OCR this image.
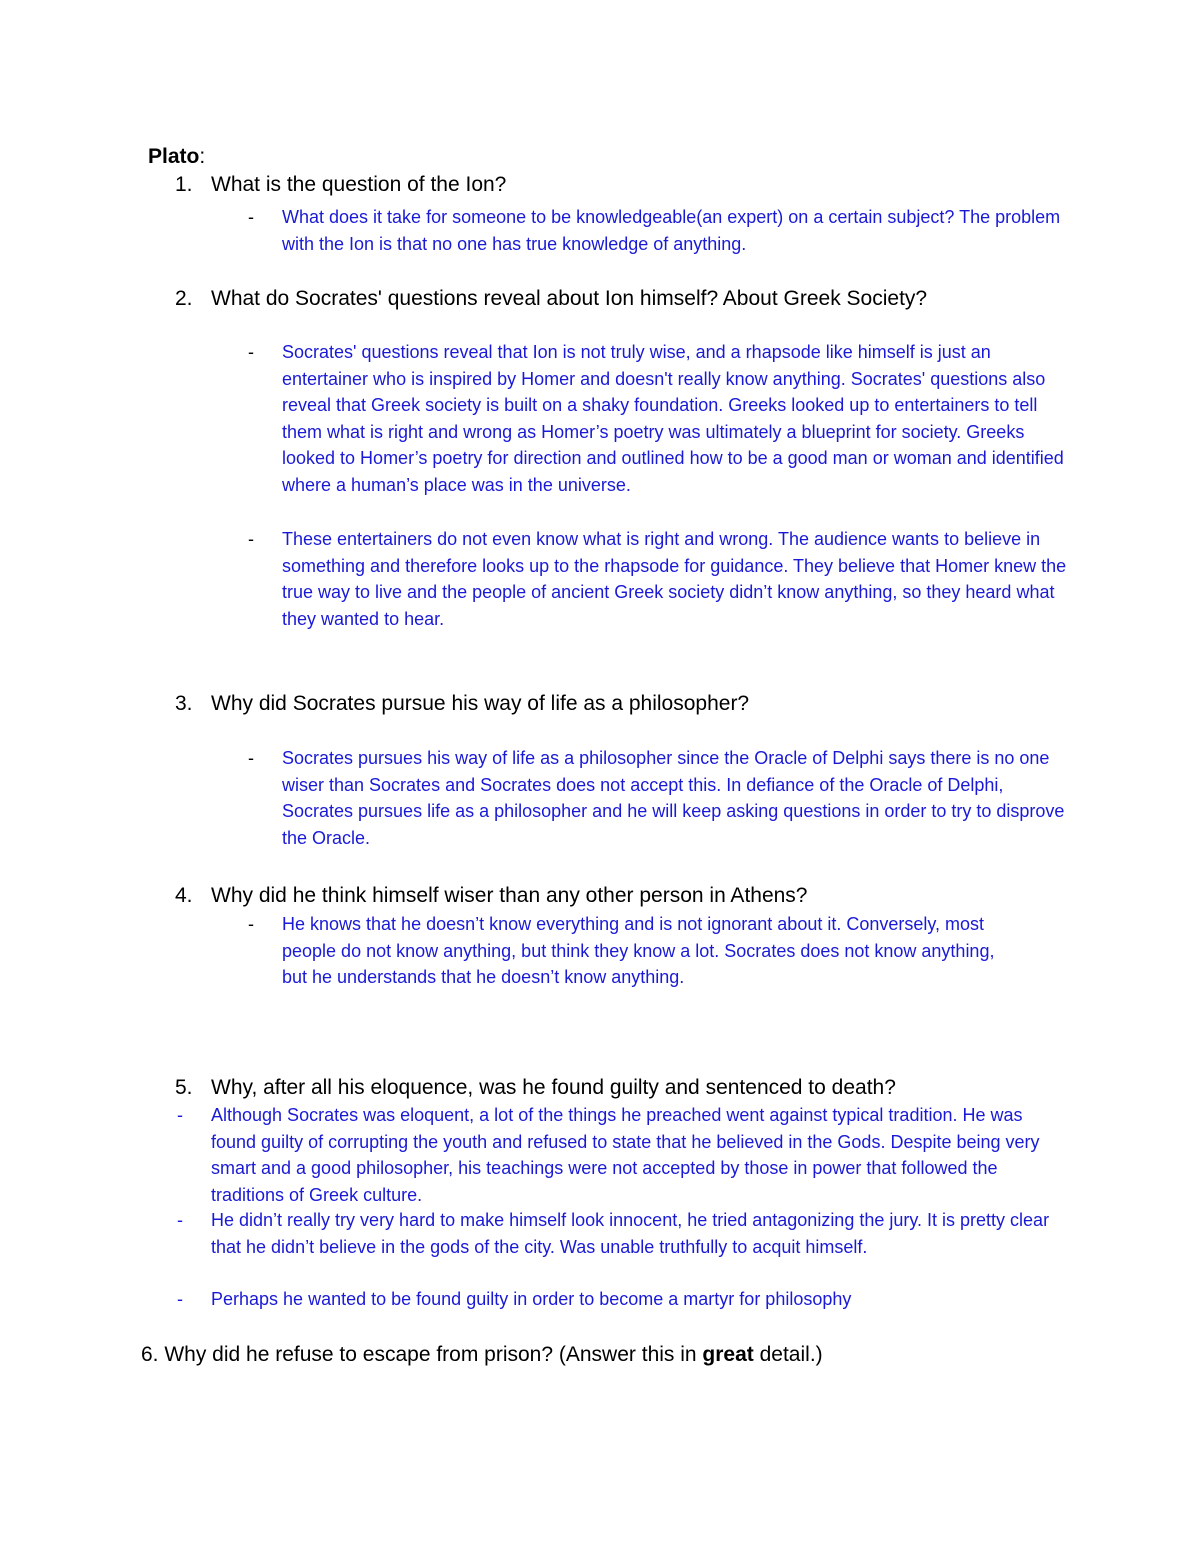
Plato:
1. What is the question of the Ion?
- What does it take for someone to be knowledgeable(an expert) on a certain subject? The problem with the Ion is that no one has true knowledge of anything.
2. What do Socrates' questions reveal about Ion himself? About Greek Society?
- Socrates' questions reveal that Ion is not truly wise, and a rhapsode like himself is just an entertainer who is inspired by Homer and doesn't really know anything. Socrates' questions also reveal that Greek society is built on a shaky foundation. Greeks looked up to entertainers to tell them what is right and wrong as Homer’s poetry was ultimately a blueprint for society. Greeks looked to Homer’s poetry for direction and outlined how to be a good man or woman and identified where a human’s place was in the universe.
- These entertainers do not even know what is right and wrong. The audience wants to believe in something and therefore looks up to the rhapsode for guidance. They believe that Homer knew the true way to live and the people of ancient Greek society didn’t know anything, so they heard what they wanted to hear.
3. Why did Socrates pursue his way of life as a philosopher?
- Socrates pursues his way of life as a philosopher since the Oracle of Delphi says there is no one wiser than Socrates and Socrates does not accept this. In defiance of the Oracle of Delphi, Socrates pursues life as a philosopher and he will keep asking questions in order to try to disprove the Oracle.
4. Why did he think himself wiser than any other person in Athens?
- He knows that he doesn’t know everything and is not ignorant about it. Conversely, most people do not know anything, but think they know a lot. Socrates does not know anything, but he understands that he doesn’t know anything.
5. Why, after all his eloquence, was he found guilty and sentenced to death?
- Although Socrates was eloquent, a lot of the things he preached went against typical tradition. He was found guilty of corrupting the youth and refused to state that he believed in the Gods. Despite being very smart and a good philosopher, his teachings were not accepted by those in power that followed the traditions of Greek culture.
- He didn’t really try very hard to make himself look innocent, he tried antagonizing the jury. It is pretty clear that he didn’t believe in the gods of the city. Was unable truthfully to acquit himself.
- Perhaps he wanted to be found guilty in order to become a martyr for philosophy
6. Why did he refuse to escape from prison? (Answer this in great detail.)
